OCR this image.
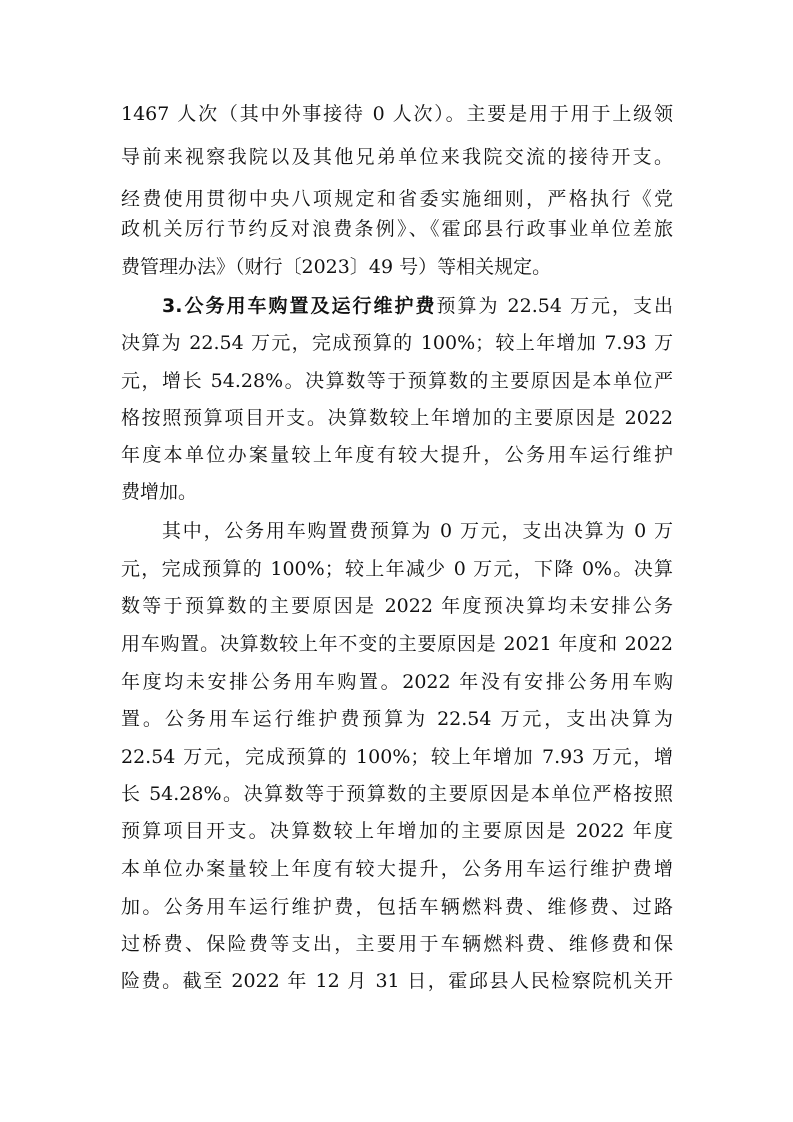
1467 人次（其中外事接待 0 人次）。主要是用于用于上级领
导前来视察我院以及其他兄弟单位来我院交流的接待开支。
经费使用贯彻中央八项规定和省委实施细则，严格执行《党
政机关厉行节约反对浪费条例》、《霍邱县行政事业单位差旅
费管理办法》（财行〔2023〕49 号）等相关规定。
3.公务用车购置及运行维护费预算为 22.54 万元，支出
决算为 22.54 万元，完成预算的 100%；较上年增加 7.93 万
元，增长 54.28%。决算数等于预算数的主要原因是本单位严
格按照预算项目开支。决算数较上年增加的主要原因是 2022
年度本单位办案量较上年度有较大提升，公务用车运行维护
费增加。
其中，公务用车购置费预算为 0 万元，支出决算为 0 万
元，完成预算的 100%；较上年减少 0 万元，下降 0%。决算
数等于预算数的主要原因是 2022 年度预决算均未安排公务
用车购置。决算数较上年不变的主要原因是 2021 年度和 2022
年度均未安排公务用车购置。2022 年没有安排公务用车购
置。公务用车运行维护费预算为 22.54 万元，支出决算为
22.54 万元，完成预算的 100%；较上年增加 7.93 万元，增
长 54.28%。决算数等于预算数的主要原因是本单位严格按照
预算项目开支。决算数较上年增加的主要原因是 2022 年度
本单位办案量较上年度有较大提升，公务用车运行维护费增
加。公务用车运行维护费，包括车辆燃料费、维修费、过路
过桥费、保险费等支出，主要用于车辆燃料费、维修费和保
险费。截至 2022 年 12 月 31 日，霍邱县人民检察院机关开
